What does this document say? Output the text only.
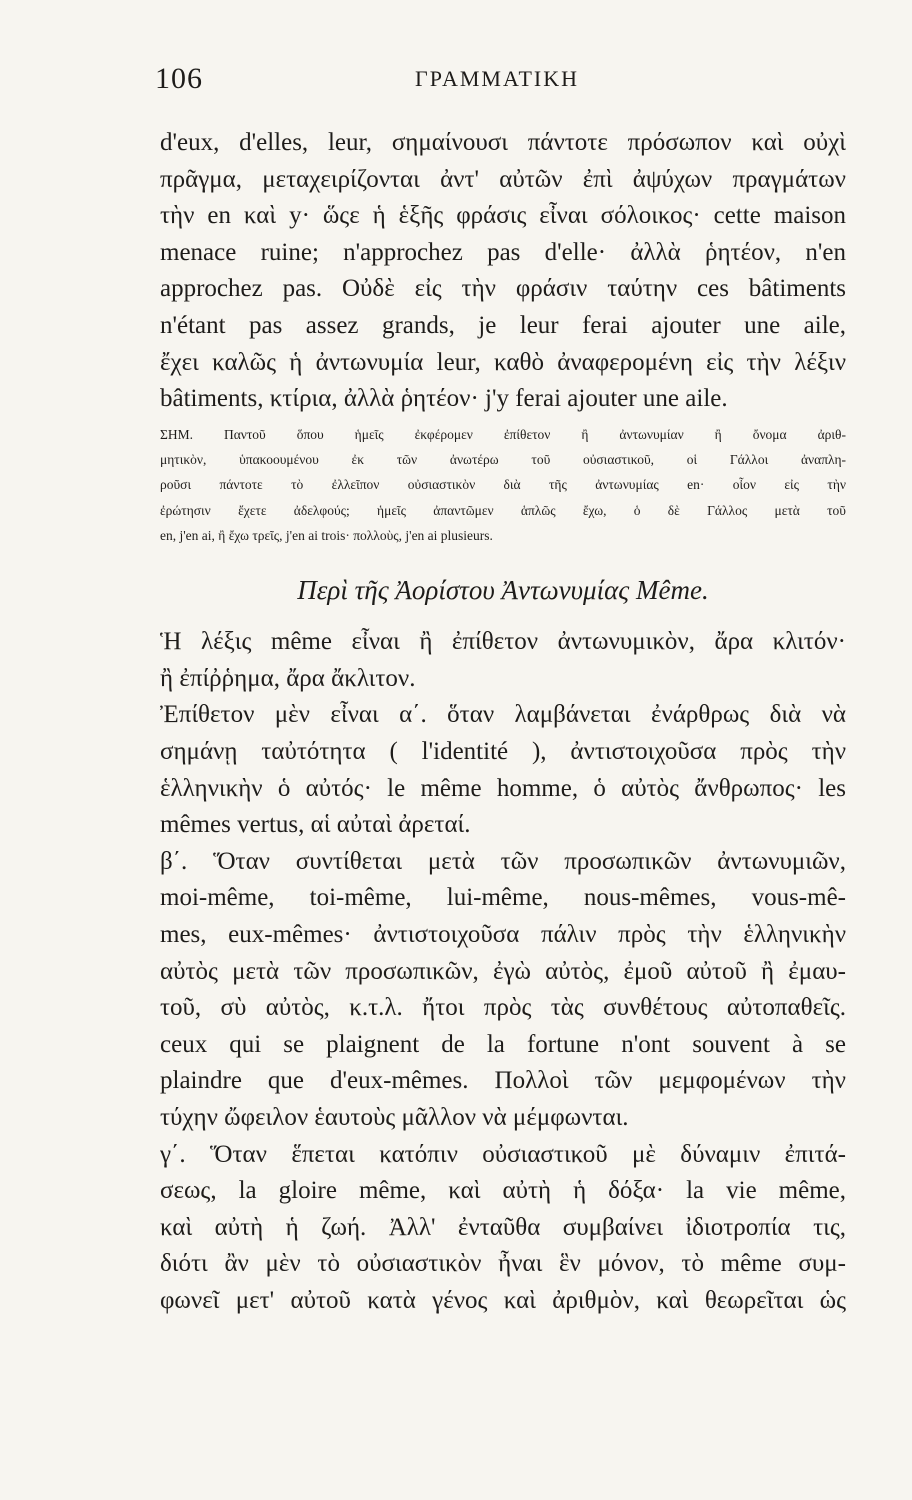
106	ΓΡΑΜΜΑΤΙΚΗ
d'eux, d'elles, leur, σημαίνουσι πάντοτε πρόσωπον καὶ οὐχὶ
πρᾶγμα, μεταχειρίζονται ἀντ' αὐτῶν ἐπὶ ἀψύχων πραγμάτων
τὴν en καὶ y· ὥςε ἡ ἑξῆς φράσις εἶναι σόλοικος· cette maison
menace ruine; n'approchez pas d'elle· ἀλλὰ ῥητέον, n'en
approchez pas. Οὐδὲ εἰς τὴν φράσιν ταύτην ces bâtiments
n'étant pas assez grands, je leur ferai ajouter une aile,
ἔχει καλῶς ἡ ἀντωνυμία leur, καθὸ ἀναφερομένη εἰς τὴν λέξιν
bâtiments, κτίρια, ἀλλὰ ῥητέον· j'y ferai ajouter une aile.
ΣΗΜ. Παντοῦ ὅπου ἡμεῖς ἐκφέρομεν ἐπίθετον ἢ ἀντωνυμίαν ἢ ὄνομα ἀριθ-
μητικὸν, ὑπακοουμένου ἐκ τῶν ἀνωτέρω τοῦ οὐσιαστικοῦ, οἱ Γάλλοι ἀναπλη-
ροῦσι πάντοτε τὸ ἐλλεῖπον οὐσιαστικὸν διὰ τῆς ἀντωνυμίας en· οἷον εἰς τὴν
ἐρώτησιν ἔχετε ἀδελφούς; ἡμεῖς ἀπαντῶμεν ἁπλῶς ἔχω, ὁ δὲ Γάλλος μετὰ τοῦ
en, j'en ai, ἢ ἔχω τρεῖς, j'en ai trois· πολλοὺς, j'en ai plusieurs.
Περὶ τῆς Ἀορίστου Ἀντωνυμίας Même.
Ἡ λέξις même εἶναι ἢ ἐπίθετον ἀντωνυμικὸν, ἄρα κλιτόν·
ἢ ἐπίῤῥημα, ἄρα ἄκλιτον.
Ἐπίθετον μὲν εἶναι α΄. ὅταν λαμβάνεται ἐνάρθρως διὰ νὰ
σημάνῃ ταὐτότητα ( l'identité ), ἀντιστοιχοῦσα πρὸς τὴν
ἑλληνικὴν ὁ αὐτός· le même homme, ὁ αὐτὸς ἄνθρωπος· les
mêmes vertus, αἱ αὐταὶ ἀρεταί.
β΄. Ὅταν συντίθεται μετὰ τῶν προσωπικῶν ἀντωνυμιῶν,
moi-même, toi-même, lui-même, nous-mêmes, vous-mê-
mes, eux-mêmes· ἀντιστοιχοῦσα πάλιν πρὸς τὴν ἑλληνικὴν
αὐτὸς μετὰ τῶν προσωπικῶν, ἐγὼ αὐτὸς, ἐμοῦ αὐτοῦ ἢ ἐμαυ-
τοῦ, σὺ αὐτὸς, κ.τ.λ. ἤτοι πρὸς τὰς συνθέτους αὐτοπαθεῖς.
ceux qui se plaignent de la fortune n'ont souvent à se
plaindre que d'eux-mêmes. Πολλοὶ τῶν μεμφομένων τὴν
τύχην ὤφειλον ἑαυτοὺς μᾶλλον νὰ μέμφωνται.
γ΄. Ὅταν ἕπεται κατόπιν οὐσιαστικοῦ μὲ δύναμιν ἐπιτά-
σεως, la gloire même, καὶ αὐτὴ ἡ δόξα· la vie même,
καὶ αὐτὴ ἡ ζωή. Ἀλλ' ἐνταῦθα συμβαίνει ἰδιοτροπία τις,
διότι ἂν μὲν τὸ οὐσιαστικὸν ἦναι ἓν μόνον, τὸ même συμ-
φωνεῖ μετ' αὐτοῦ κατὰ γένος καὶ ἀριθμὸν, καὶ θεωρεῖται ὡς
